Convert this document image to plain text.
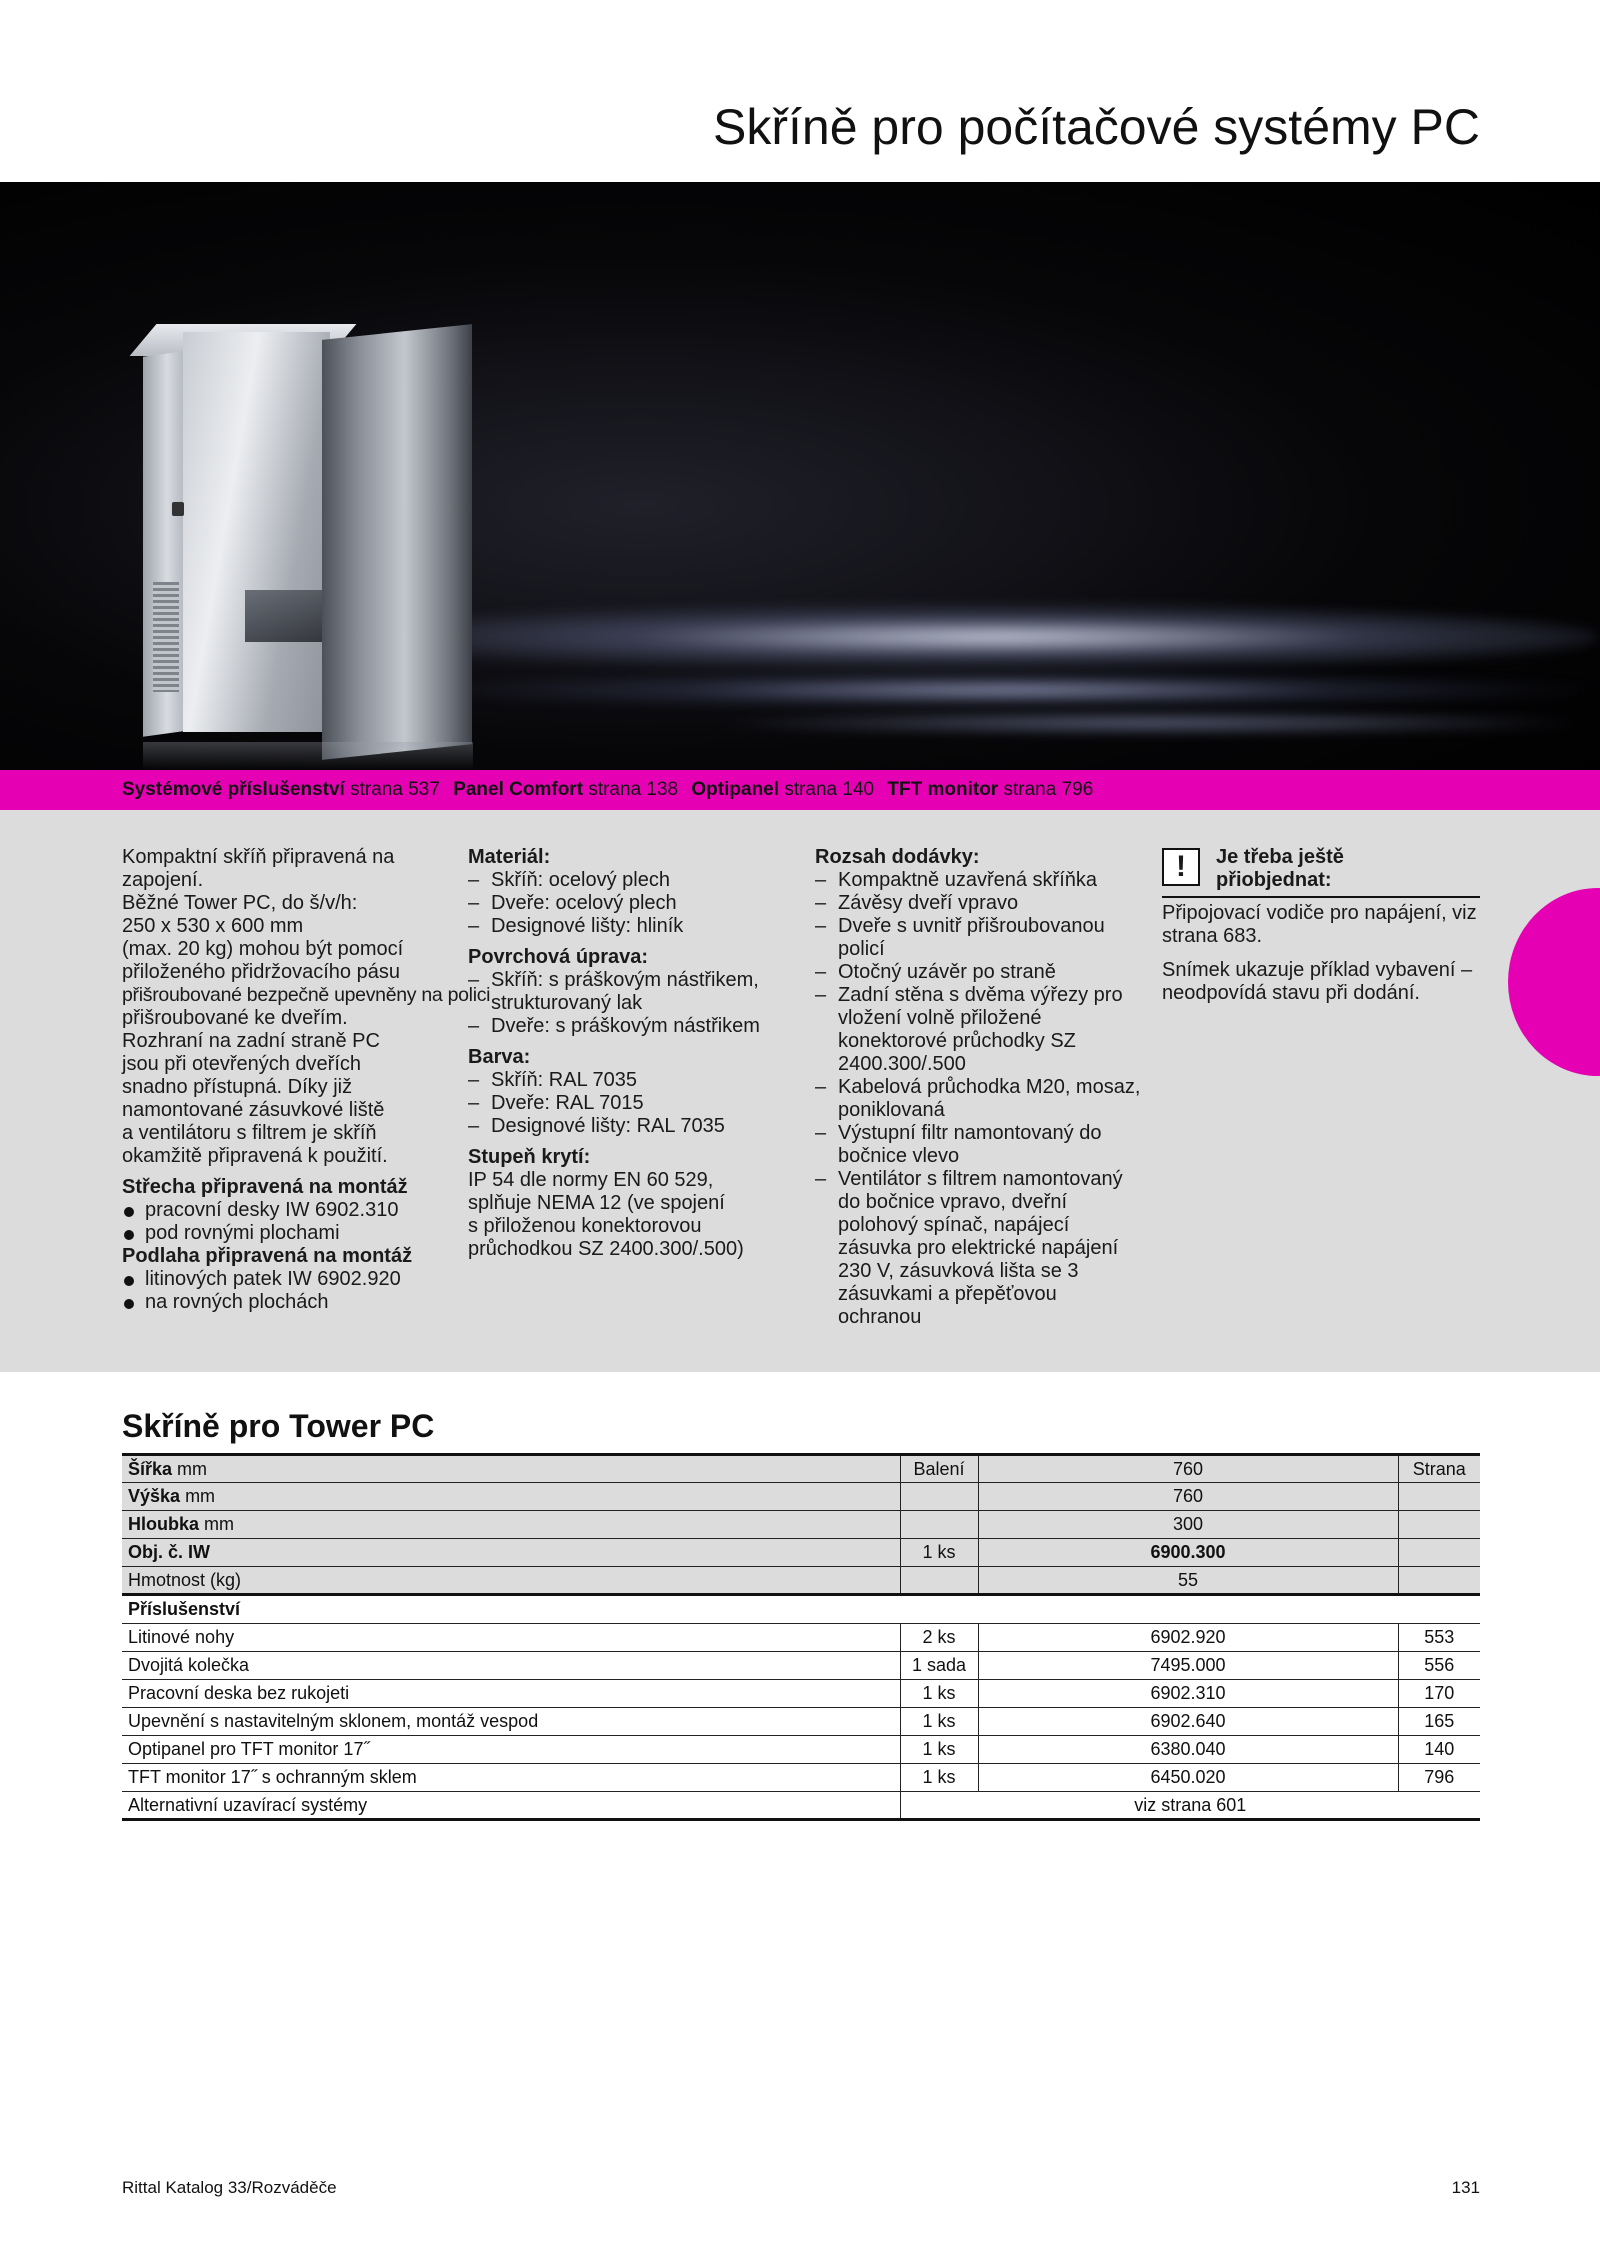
Skříně pro počítačové systémy PC
Systémové příslušenství strana 537 Panel Comfort strana 138 Optipanel strana 140 TFT monitor strana 796

Kompaktní skříň připravená na

zapojení.

Běžné Tower PC, do š/v/h:

250 x 530 x 600 mm

(max. 20 kg) mohou být pomocí

přiloženého přidržovacího pásu

přišroubované bezpečně upevněny na polici

přišroubované ke dveřím.

Rozhraní na zadní straně PC

jsou při otevřených dveřích

snadno přístupná. Díky již

namontované zásuvkové liště

a ventilátoru s filtrem je skříň

okamžitě připravená k použití.

Střecha připravená na montáž

pracovní desky IW 6902.310
pod rovnými plochami

Podlaha připravená na montáž

litinových patek IW 6902.920
na rovných plochách

Materiál:

– Skříň: ocelový plech
– Dveře: ocelový plech
– Designové lišty: hliník

Povrchová úprava:

– Skříň: s práškovým nástřikem, strukturovaný lak
– Dveře: s práškovým nástřikem

Barva:

– Skříň: RAL 7035
– Dveře: RAL 7015
– Designové lišty: RAL 7035

Stupeň krytí:

IP 54 dle normy EN 60 529,

splňuje NEMA 12 (ve spojení

s přiloženou konektorovou

průchodkou SZ 2400.300/.500)

Rozsah dodávky:

– Kompaktně uzavřená skříňka
– Závěsy dveří vpravo
– Dveře s uvnitř přišroubovanou policí
– Otočný uzávěr po straně
– Zadní stěna s dvěma výřezy pro vložení volně přiložené konektorové průchodky SZ 2400.300/.500
– Kabelová průchodka M20, mosaz, poniklovaná
– Výstupní filtr namontovaný do bočnice vlevo
– Ventilátor s filtrem namontovaný do bočnice vpravo, dveřní polohový spínač, napájecí zásuvka pro elektrické napájení 230 V, zásuvková lišta se 3 zásuvkami a přepěťovou ochranou
!	Je třeba ještě

přiobjednat:

Připojovací vodiče pro napájení, viz strana 683.

Snímek ukazuje příklad vybavení – neodpovídá stavu při dodání.

Skříně pro Tower PC
Šířka mm	Balení	760	Strana
Výška mm		760	
Hloubka mm		300	
Obj. č. IW	1 ks	6900.300	
Hmotnost (kg)		55	
Příslušenství			
Litinové nohy	2 ks	6902.920	553
Dvojitá kolečka	1 sada	7495.000	556
Pracovní deska bez rukojeti	1 ks	6902.310	170
Upevnění s nastavitelným sklonem, montáž vespod	1 ks	6902.640	165
Optipanel pro TFT monitor 17˝	1 ks	6380.040	140
TFT monitor 17˝ s ochranným sklem	1 ks	6450.020	796
Alternativní uzavírací systémy	viz strana 601		
Rittal Katalog 33/Rozváděče	131
